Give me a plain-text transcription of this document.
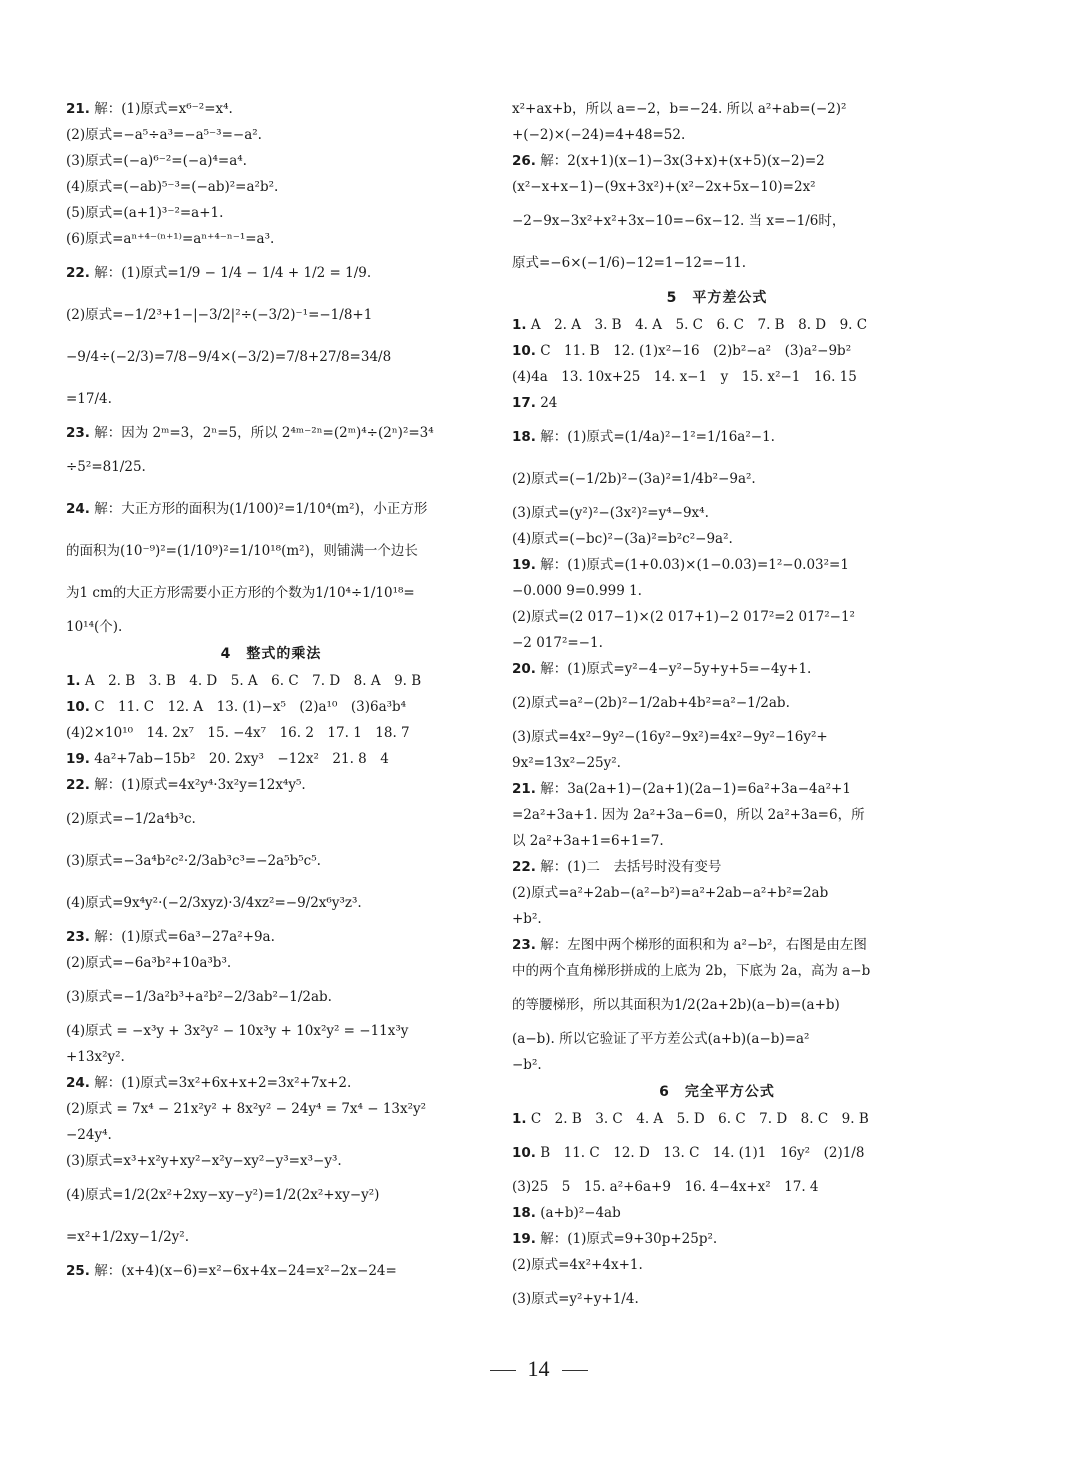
21. 解：(1)原式=x⁶⁻²=x⁴.
(2)原式=−a⁵÷a³=−a⁵⁻³=−a².
(3)原式=(−a)⁶⁻²=(−a)⁴=a⁴.
(4)原式=(−ab)⁵⁻³=(−ab)²=a²b².
(5)原式=(a+1)³⁻²=a+1.
(6)原式=aⁿ⁺⁴⁻⁽ⁿ⁺¹⁾=aⁿ⁺⁴⁻ⁿ⁻¹=a³.
22. 解：(1)原式=1/9 − 1/4 − 1/4 + 1/2 = 1/9.
(2)原式=−1/2³+1−|−3/2|²÷(−3/2)⁻¹=−1/8+1
−9/4÷(−2/3)=7/8−9/4×(−3/2)=7/8+27/8=34/8
=17/4.
23. 解：因为 2ᵐ=3，2ⁿ=5，所以 2⁴ᵐ⁻²ⁿ=(2ᵐ)⁴÷(2ⁿ)²=3⁴
÷5²=81/25.
24. 解：大正方形的面积为(1/100)²=1/10⁴(m²)，小正方形
的面积为(10⁻⁹)²=(1/10⁹)²=1/10¹⁸(m²)，则铺满一个边长
为1 cm的大正方形需要小正方形的个数为1/10⁴÷1/10¹⁸=
10¹⁴(个).
4　整式的乘法
1. A　2. B　3. B　4. D　5. A　6. C　7. D　8. A　9. B
10. C　11. C　12. A　13. (1)−x⁵　(2)a¹⁰　(3)6a³b⁴
(4)2×10¹⁰　14. 2x⁷　15. −4x⁷　16. 2　17. 1　18. 7
19. 4a²+7ab−15b²　20. 2xy³　−12x²　21. 8　4
22. 解：(1)原式=4x²y⁴·3x²y=12x⁴y⁵.
(2)原式=−1/2a⁴b³c.
(3)原式=−3a⁴b²c²·2/3ab³c³=−2a⁵b⁵c⁵.
(4)原式=9x⁴y²·(−2/3xyz)·3/4xz²=−9/2x⁶y³z³.
23. 解：(1)原式=6a³−27a²+9a.
(2)原式=−6a³b²+10a³b³.
(3)原式=−1/3a²b³+a²b²−2/3ab²−1/2ab.
(4)原式 = −x³y + 3x²y² − 10x³y + 10x²y² = −11x³y
+13x²y².
24. 解：(1)原式=3x²+6x+x+2=3x²+7x+2.
(2)原式 = 7x⁴ − 21x²y² + 8x²y² − 24y⁴ = 7x⁴ − 13x²y²
−24y⁴.
(3)原式=x³+x²y+xy²−x²y−xy²−y³=x³−y³.
(4)原式=1/2(2x²+2xy−xy−y²)=1/2(2x²+xy−y²)
=x²+1/2xy−1/2y².
25. 解：(x+4)(x−6)=x²−6x+4x−24=x²−2x−24=
x²+ax+b，所以 a=−2，b=−24. 所以 a²+ab=(−2)²
+(−2)×(−24)=4+48=52.
26. 解：2(x+1)(x−1)−3x(3+x)+(x+5)(x−2)=2
(x²−x+x−1)−(9x+3x²)+(x²−2x+5x−10)=2x²
−2−9x−3x²+x²+3x−10=−6x−12. 当 x=−1/6时，
原式=−6×(−1/6)−12=1−12=−11.
5　平方差公式
1. A　2. A　3. B　4. A　5. C　6. C　7. B　8. D　9. C
10. C　11. B　12. (1)x²−16　(2)b²−a²　(3)a²−9b²
(4)4a　13. 10x+25　14. x−1　y　15. x²−1　16. 15
17. 24
18. 解：(1)原式=(1/4a)²−1²=1/16a²−1.
(2)原式=(−1/2b)²−(3a)²=1/4b²−9a².
(3)原式=(y²)²−(3x²)²=y⁴−9x⁴.
(4)原式=(−bc)²−(3a)²=b²c²−9a².
19. 解：(1)原式=(1+0.03)×(1−0.03)=1²−0.03²=1
−0.000 9=0.999 1.
(2)原式=(2 017−1)×(2 017+1)−2 017²=2 017²−1²
−2 017²=−1.
20. 解：(1)原式=y²−4−y²−5y+y+5=−4y+1.
(2)原式=a²−(2b)²−1/2ab+4b²=a²−1/2ab.
(3)原式=4x²−9y²−(16y²−9x²)=4x²−9y²−16y²+
9x²=13x²−25y².
21. 解：3a(2a+1)−(2a+1)(2a−1)=6a²+3a−4a²+1
=2a²+3a+1. 因为 2a²+3a−6=0，所以 2a²+3a=6，所
以 2a²+3a+1=6+1=7.
22. 解：(1)二　去括号时没有变号
(2)原式=a²+2ab−(a²−b²)=a²+2ab−a²+b²=2ab
+b².
23. 解：左图中两个梯形的面积和为 a²−b²，右图是由左图
中的两个直角梯形拼成的上底为 2b，下底为 2a，高为 a−b
的等腰梯形，所以其面积为1/2(2a+2b)(a−b)=(a+b)
(a−b). 所以它验证了平方差公式(a+b)(a−b)=a²
−b².
6　完全平方公式
1. C　2. B　3. C　4. A　5. D　6. C　7. D　8. C　9. B
10. B　11. C　12. D　13. C　14. (1)1　16y²　(2)1/8
(3)25　5　15. a²+6a+9　16. 4−4x+x²　17. 4
18. (a+b)²−4ab
19. 解：(1)原式=9+30p+25p².
(2)原式=4x²+4x+1.
(3)原式=y²+y+1/4.
14
